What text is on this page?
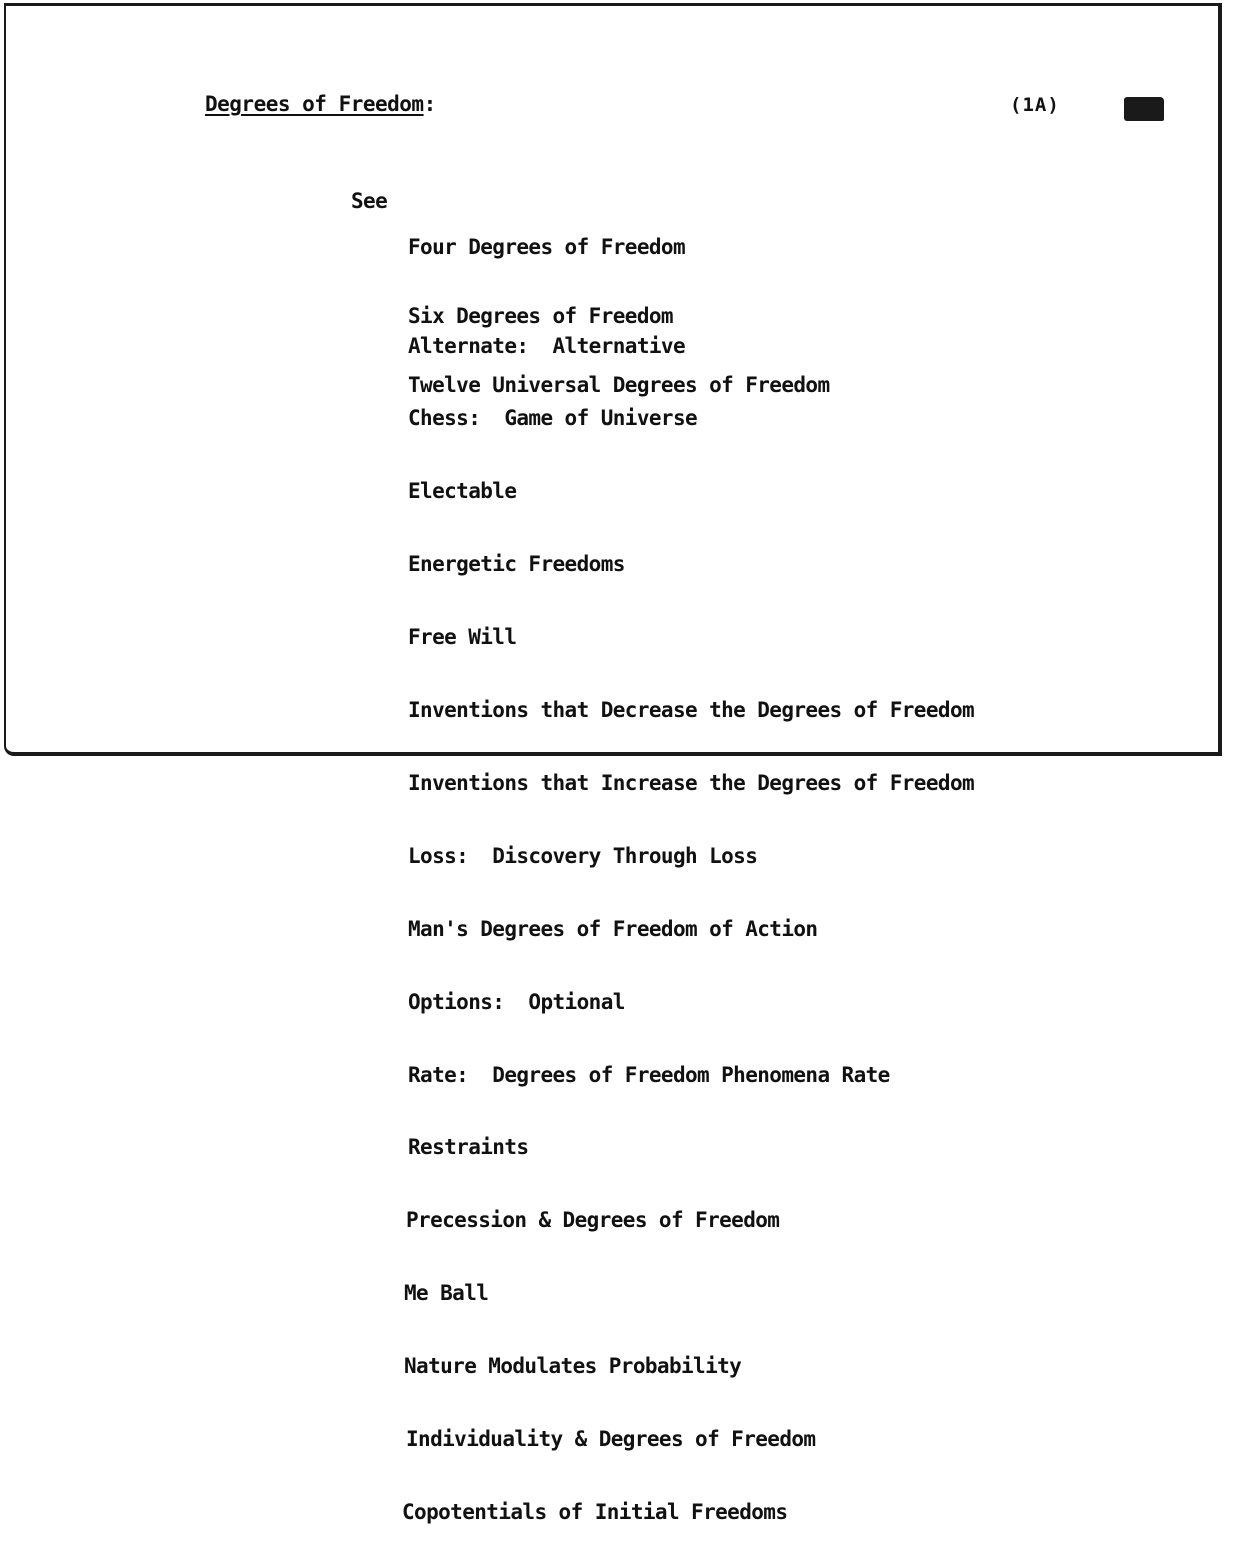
Degrees of Freedom:	(1A)
See

Four Degrees of Freedom

Six Degrees of Freedom

Twelve Universal Degrees of Freedom

Alternate:  Alternative

Chess:  Game of Universe

Electable

Energetic Freedoms

Free Will

Inventions that Decrease the Degrees of Freedom

Inventions that Increase the Degrees of Freedom

Loss:  Discovery Through Loss

Man's Degrees of Freedom of Action

Options:  Optional

Rate:  Degrees of Freedom Phenomena Rate

Restraints

Precession & Degrees of Freedom

Me Ball

Nature Modulates Probability

Individuality & Degrees of Freedom

Copotentials of Initial Freedoms
